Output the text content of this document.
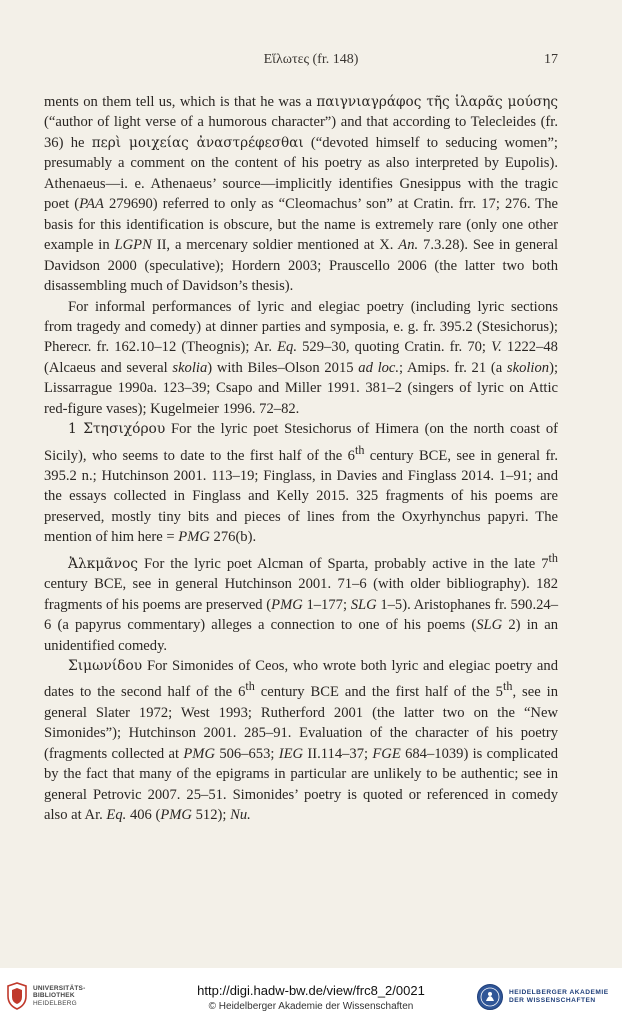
Εἵλωτες (fr. 148)	17

ments on them tell us, which is that he was a παιγνιαγράφος τῆς ἱλαρᾶς μούσης (“author of light verse of a humorous character”) and that according to Telecleides (fr. 36) he περὶ μοιχείας ἀναστρέφεσθαι (“devoted himself to seducing women”; presumably a comment on the content of his poetry as also interpreted by Eupolis). Athenaeus—i. e. Athenaeus’ source—implicitly identifies Gnesippus with the tragic poet (PAA 279690) referred to only as “Cleomachus’ son” at Cratin. frr. 17; 276. The basis for this identification is obscure, but the name is extremely rare (only one other example in LGPN II, a mercenary soldier mentioned at X. An. 7.3.28). See in general Davidson 2000 (speculative); Hordern 2003; Prauscello 2006 (the latter two both disassembling much of Davidson’s thesis).

For informal performances of lyric and elegiac poetry (including lyric sections from tragedy and comedy) at dinner parties and symposia, e. g. fr. 395.2 (Stesichorus); Pherecr. fr. 162.10–12 (Theognis); Ar. Eq. 529–30, quoting Cratin. fr. 70; V. 1222–48 (Alcaeus and several skolia) with Biles–Olson 2015 ad loc.; Amips. fr. 21 (a skolion); Lissarrague 1990a. 123–39; Csapo and Miller 1991. 381–2 (singers of lyric on Attic red-figure vases); Kugelmeier 1996. 72–82.

1 Στησιχόρου For the lyric poet Stesichorus of Himera (on the north coast of Sicily), who seems to date to the first half of the 6th century BCE, see in general fr. 395.2 n.; Hutchinson 2001. 113–19; Finglass, in Davies and Finglass 2014. 1–91; and the essays collected in Finglass and Kelly 2015. 325 fragments of his poems are preserved, mostly tiny bits and pieces of lines from the Oxyrhynchus papyri. The mention of him here = PMG 276(b).

Ἀλκμᾶνος For the lyric poet Alcman of Sparta, probably active in the late 7th century BCE, see in general Hutchinson 2001. 71–6 (with older bibliography). 182 fragments of his poems are preserved (PMG 1–177; SLG 1–5). Aristophanes fr. 590.24–6 (a papyrus commentary) alleges a connection to one of his poems (SLG 2) in an unidentified comedy.

Σιμωνίδου For Simonides of Ceos, who wrote both lyric and elegiac poetry and dates to the second half of the 6th century BCE and the first half of the 5th, see in general Slater 1972; West 1993; Rutherford 2001 (the latter two on the “New Simonides”); Hutchinson 2001. 285–91. Evaluation of the character of his poetry (fragments collected at PMG 506–653; IEG II.114–37; FGE 684–1039) is complicated by the fact that many of the epigrams in particular are unlikely to be authentic; see in general Petrovic 2007. 25–51. Simonides’ poetry is quoted or referenced in comedy also at Ar. Eq. 406 (PMG 512); Nu.

UNIVERSITÄTS-
BIBLIOTHEK
HEIDELBERG
http://digi.hadw-bw.de/view/frc8_2/0021
© Heidelberger Akademie der Wissenschaften
HEIDELBERGER AKADEMIE
DER WISSENSCHAFTEN
